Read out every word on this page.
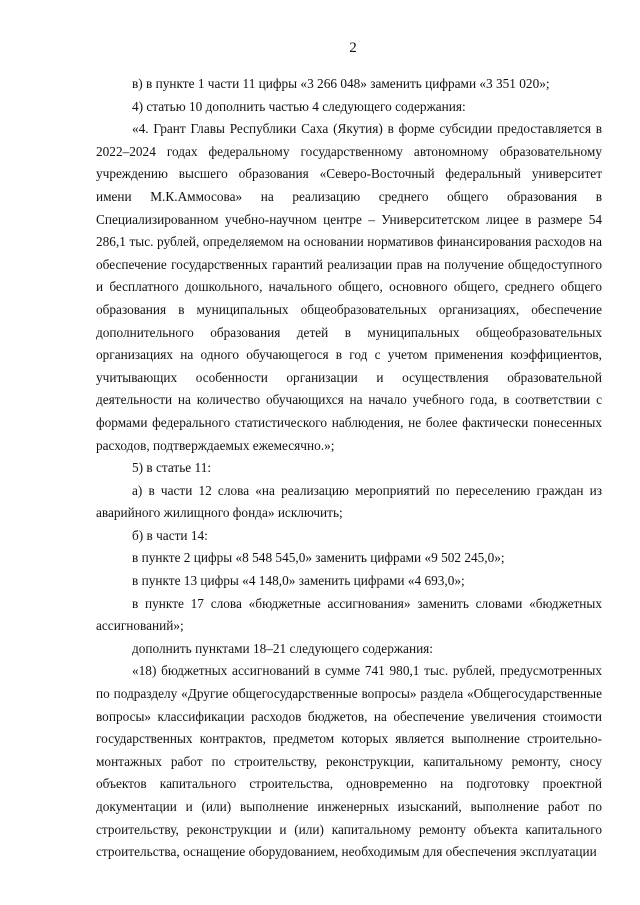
2

в) в пункте 1 части 11 цифры «3 266 048» заменить цифрами «3 351 020»;

4) статью 10 дополнить частью 4 следующего содержания:

«4. Грант Главы Республики Саха (Якутия) в форме субсидии предоставляется в 2022–2024 годах федеральному государственному автономному образовательному учреждению высшего образования «Северо-Восточный федеральный университет имени М.К.Аммосова» на реализацию среднего общего образования в Специализированном учебно-научном центре – Университетском лицее в размере 54 286,1 тыс. рублей, определяемом на основании нормативов финансирования расходов на обеспечение государственных гарантий реализации прав на получение общедоступного и бесплатного дошкольного, начального общего, основного общего, среднего общего образования в муниципальных общеобразовательных организациях, обеспечение дополнительного образования детей в муниципальных общеобразовательных организациях на одного обучающегося в год с учетом применения коэффициентов, учитывающих особенности организации и осуществления образовательной деятельности на количество обучающихся на начало учебного года, в соответствии с формами федерального статистического наблюдения, не более фактически понесенных расходов, подтверждаемых ежемесячно.»;

5) в статье 11:

а) в части 12 слова «на реализацию мероприятий по переселению граждан из аварийного жилищного фонда» исключить;

б) в части 14:

в пункте 2 цифры «8 548 545,0» заменить цифрами «9 502 245,0»;

в пункте 13 цифры «4 148,0» заменить цифрами «4 693,0»;

в пункте 17 слова «бюджетные ассигнования» заменить словами «бюджетных ассигнований»;

дополнить пунктами 18–21 следующего содержания:

«18) бюджетных ассигнований в сумме 741 980,1 тыс. рублей, предусмотренных по подразделу «Другие общегосударственные вопросы» раздела «Общегосударственные вопросы» классификации расходов бюджетов, на обеспечение увеличения стоимости государственных контрактов, предметом которых является выполнение строительно-монтажных работ по строительству, реконструкции, капитальному ремонту, сносу объектов капитального строительства, одновременно на подготовку проектной документации и (или) выполнение инженерных изысканий, выполнение работ по строительству, реконструкции и (или) капитальному ремонту объекта капитального строительства, оснащение оборудованием, необходимым для обеспечения эксплуатации
